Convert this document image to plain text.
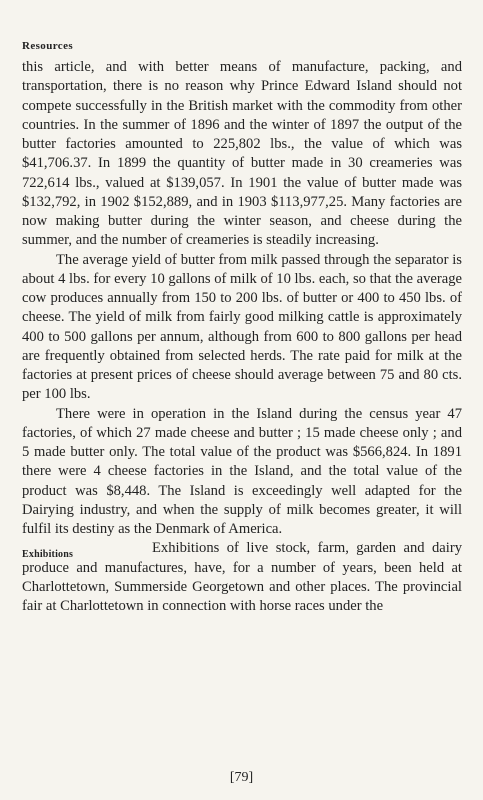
Resources

this article, and with better means of manufacture, packing, and transportation, there is no reason why Prince Edward Island should not compete successfully in the British market with the commodity from other countries. In the summer of 1896 and the winter of 1897 the output of the butter factories amounted to 225,802 lbs., the value of which was $41,706.37. In 1899 the quantity of butter made in 30 creameries was 722,614 lbs., valued at $139,057. In 1901 the value of butter made was $132,792, in 1902 $152,889, and in 1903 $113,977,25. Many factories are now making butter during the winter season, and cheese during the summer, and the number of creameries is steadily increasing.

The average yield of butter from milk passed through the separator is about 4 lbs. for every 10 gallons of milk of 10 lbs. each, so that the average cow produces annually from 150 to 200 lbs. of butter or 400 to 450 lbs. of cheese. The yield of milk from fairly good milking cattle is approximately 400 to 500 gallons per annum, although from 600 to 800 gallons per head are frequently obtained from selected herds. The rate paid for milk at the factories at present prices of cheese should average between 75 and 80 cts. per 100 lbs.

There were in operation in the Island during the census year 47 factories, of which 27 made cheese and butter ; 15 made cheese only ; and 5 made butter only. The total value of the product was $566,824. In 1891 there were 4 cheese factories in the Island, and the total value of the product was $8,448. The Island is exceedingly well adapted for the Dairying industry, and when the supply of milk becomes greater, it will fulfil its destiny as the Denmark of America.

Exhibitions	Exhibitions of live stock, farm, garden and dairy produce and manufactures, have, for a number of years, been held at Charlottetown, Summerside Georgetown and other places. The provincial fair at Charlottetown in connection with horse races under the

[79]
